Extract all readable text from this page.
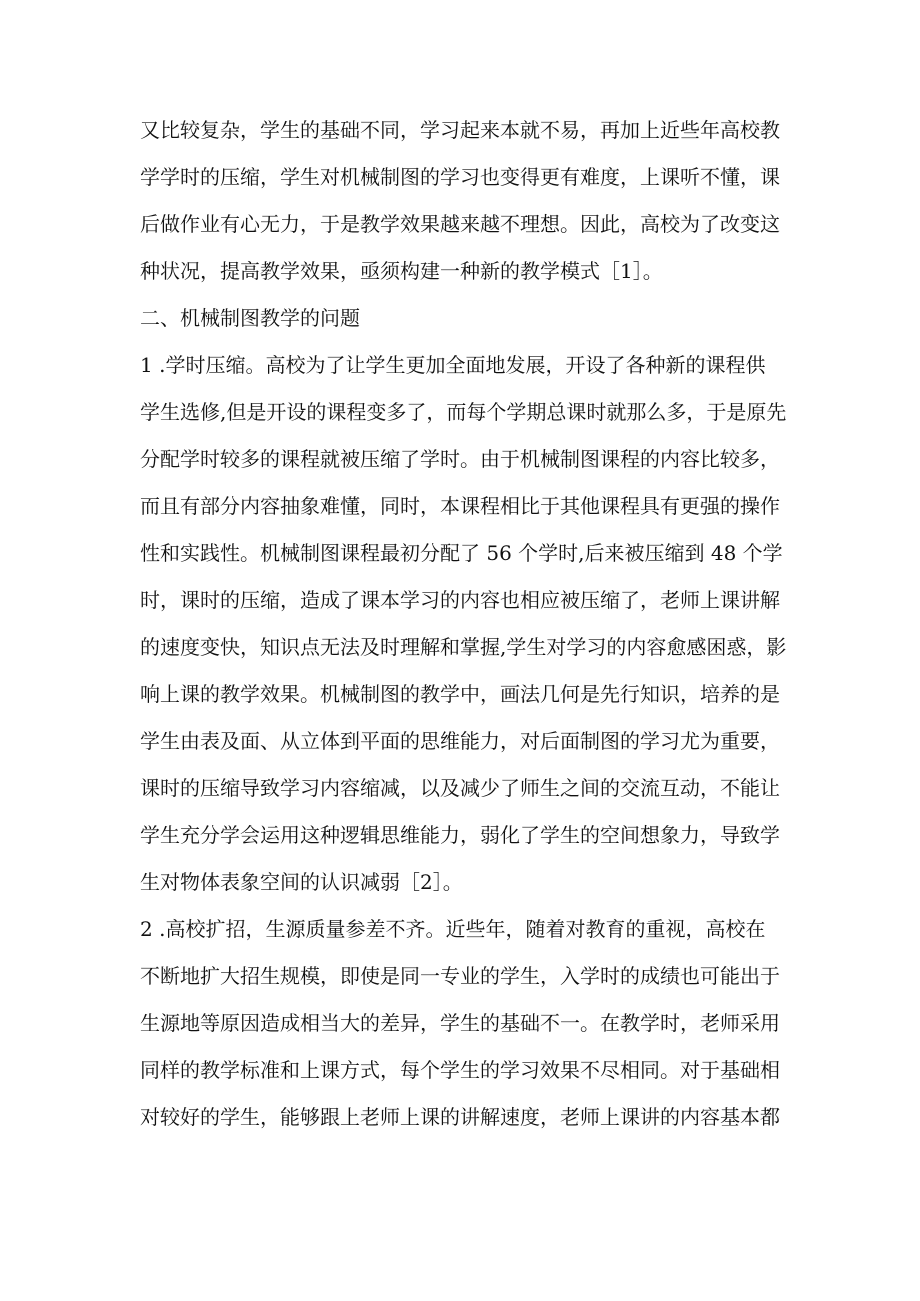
又比较复杂，学生的基础不同，学习起来本就不易，再加上近些年高校教
学学时的压缩，学生对机械制图的学习也变得更有难度，上课听不懂，课
后做作业有心无力，于是教学效果越来越不理想。因此，高校为了改变这
种状况，提高教学效果，亟须构建一种新的教学模式［1］。
二、机械制图教学的问题
1 .学时压缩。高校为了让学生更加全面地发展，开设了各种新的课程供
学生选修,但是开设的课程变多了，而每个学期总课时就那么多，于是原先
分配学时较多的课程就被压缩了学时。由于机械制图课程的内容比较多，
而且有部分内容抽象难懂，同时，本课程相比于其他课程具有更强的操作
性和实践性。机械制图课程最初分配了 56 个学时,后来被压缩到 48 个学
时，课时的压缩，造成了课本学习的内容也相应被压缩了，老师上课讲解
的速度变快，知识点无法及时理解和掌握,学生对学习的内容愈感困惑，影
响上课的教学效果。机械制图的教学中，画法几何是先行知识，培养的是
学生由表及面、从立体到平面的思维能力，对后面制图的学习尤为重要，
课时的压缩导致学习内容缩减，以及减少了师生之间的交流互动，不能让
学生充分学会运用这种逻辑思维能力，弱化了学生的空间想象力，导致学
生对物体表象空间的认识减弱［2］。
2 .高校扩招，生源质量参差不齐。近些年，随着对教育的重视，高校在
不断地扩大招生规模，即使是同一专业的学生，入学时的成绩也可能出于
生源地等原因造成相当大的差异，学生的基础不一。在教学时，老师采用
同样的教学标准和上课方式，每个学生的学习效果不尽相同。对于基础相
对较好的学生，能够跟上老师上课的讲解速度，老师上课讲的内容基本都
